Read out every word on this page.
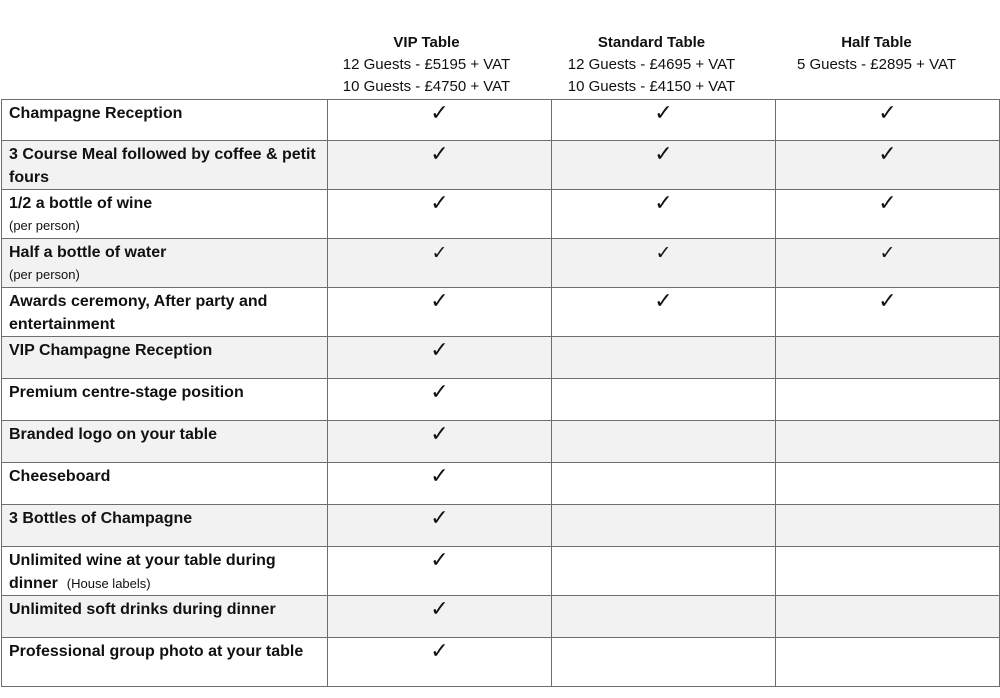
VIP Table
12 Guests - £5195 + VAT
10 Guests - £4750 + VAT
Standard Table
12 Guests - £4695 + VAT
10 Guests - £4150 + VAT
Half Table
5 Guests - £2895 + VAT
Champagne Reception	✓	✓	✓
3 Course Meal followed by coffee & petit fours	✓	✓	✓
1/2 a bottle of wine
(per person)	✓	✓	✓
Half a bottle of water
(per person)	✓	✓	✓
Awards ceremony, After party and entertainment	✓	✓	✓
VIP Champagne Reception	✓		
Premium centre-stage position	✓		
Branded logo on your table	✓		
Cheeseboard	✓		
3 Bottles of Champagne	✓		
Unlimited wine at your table during dinner (House labels)	✓		
Unlimited soft drinks during dinner	✓		
Professional group photo at your table	✓		
